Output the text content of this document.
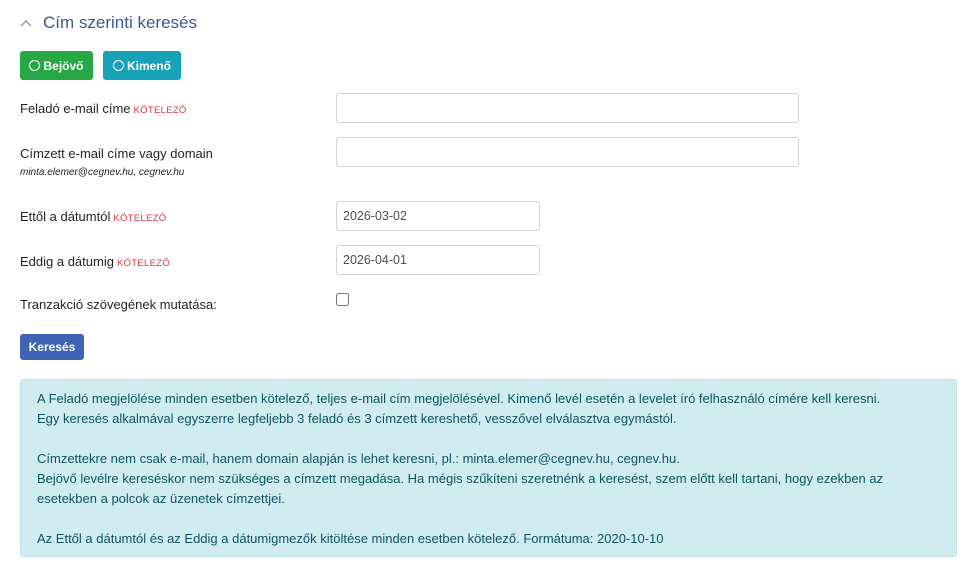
Cím szerinti keresés
Bejövő	Kimenő
Feladó e-mail címe KÖTELEZŐ
Címzett e-mail címe vagy domain
minta.elemer@cegnev.hu, cegnev.hu
Ettől a dátumtól KÖTELEZŐ
2026-03-02
Eddig a dátumig KÖTELEZŐ
2026-04-01
Tranzakció szövegének mutatása:
Keresés

A Feladó megjelölése minden esetben kötelező, teljes e-mail cím megjelölésével. Kimenő levél esetén a levelet író felhasználó címére kell keresni.

Egy keresés alkalmával egyszerre legfeljebb 3 feladó és 3 címzett kereshető, vesszővel elválasztva egymástól.

Címzettekre nem csak e-mail, hanem domain alapján is lehet keresni, pl.: minta.elemer@cegnev.hu, cegnev.hu.

Bejövő levélre kereséskor nem szükséges a címzett megadása. Ha mégis szűkíteni szeretnénk a keresést, szem előtt kell tartani, hogy ezekben az esetekben a polcok az üzenetek címzettjei.

Az Ettől a dátumtól és az Eddig a dátumigmezők kitöltése minden esetben kötelező. Formátuma: 2020-10-10
